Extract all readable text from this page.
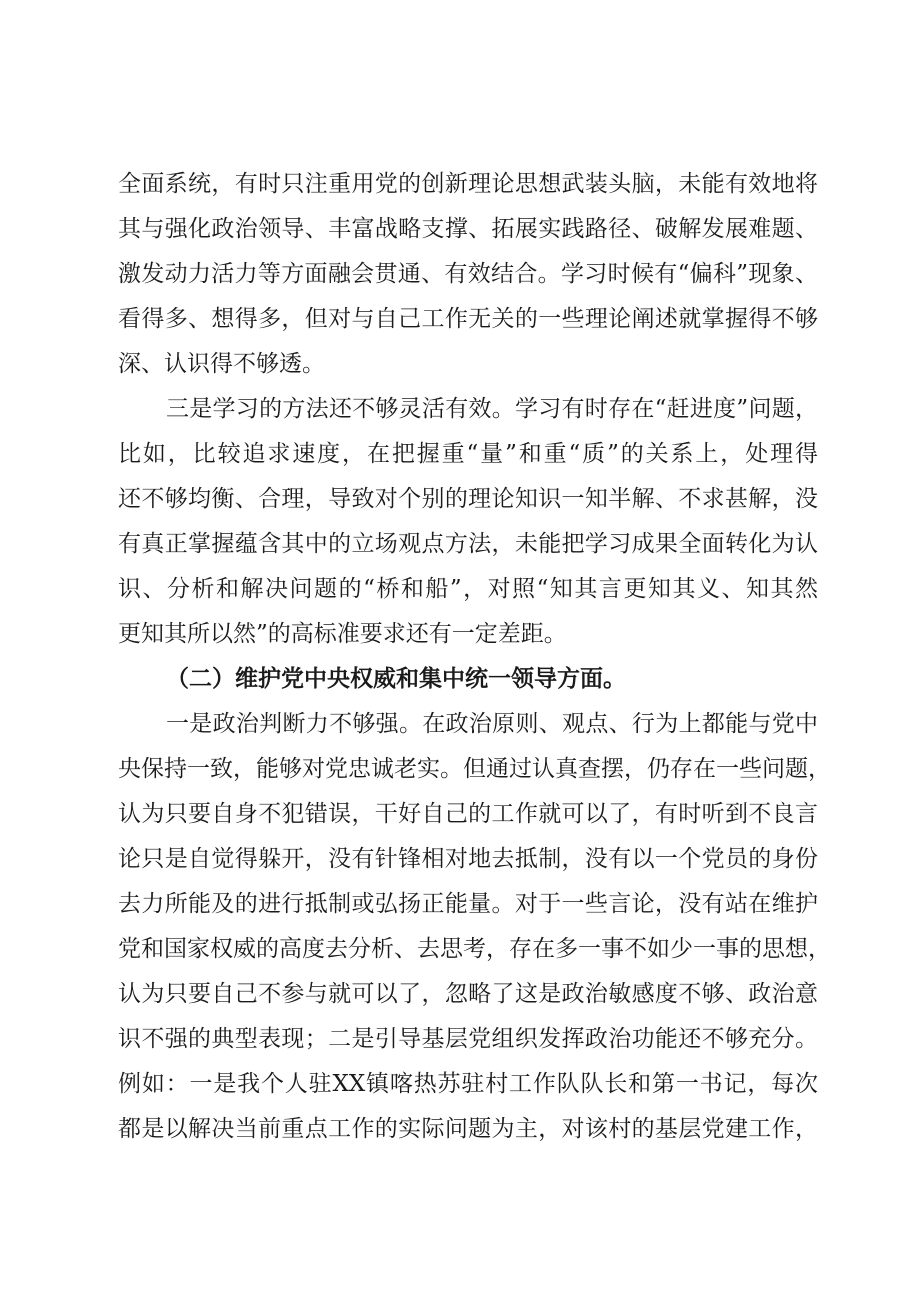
全面系统，有时只注重用党的创新理论思想武装头脑，未能有效地将
其与强化政治领导、丰富战略支撑、拓展实践路径、破解发展难题、
激发动力活力等方面融会贯通、有效结合。学习时候有“偏科”现象、
看得多、想得多，但对与自己工作无关的一些理论阐述就掌握得不够
深、认识得不够透。
三是学习的方法还不够灵活有效。学习有时存在“赶进度”问题，
比如，比较追求速度，在把握重“量”和重“质”的关系上，处理得
还不够均衡、合理，导致对个别的理论知识一知半解、不求甚解，没
有真正掌握蕴含其中的立场观点方法，未能把学习成果全面转化为认
识、分析和解决问题的“桥和船”，对照“知其言更知其义、知其然
更知其所以然”的高标准要求还有一定差距。
（二）维护党中央权威和集中统一领导方面。
一是政治判断力不够强。在政治原则、观点、行为上都能与党中
央保持一致，能够对党忠诚老实。但通过认真查摆，仍存在一些问题，
认为只要自身不犯错误，干好自己的工作就可以了，有时听到不良言
论只是自觉得躲开，没有针锋相对地去抵制，没有以一个党员的身份
去力所能及的进行抵制或弘扬正能量。对于一些言论，没有站在维护
党和国家权威的高度去分析、去思考，存在多一事不如少一事的思想，
认为只要自己不参与就可以了，忽略了这是政治敏感度不够、政治意
识不强的典型表现；二是引导基层党组织发挥政治功能还不够充分。
例如：一是我个人驻XX镇喀热苏驻村工作队队长和第一书记，每次
都是以解决当前重点工作的实际问题为主，对该村的基层党建工作，
